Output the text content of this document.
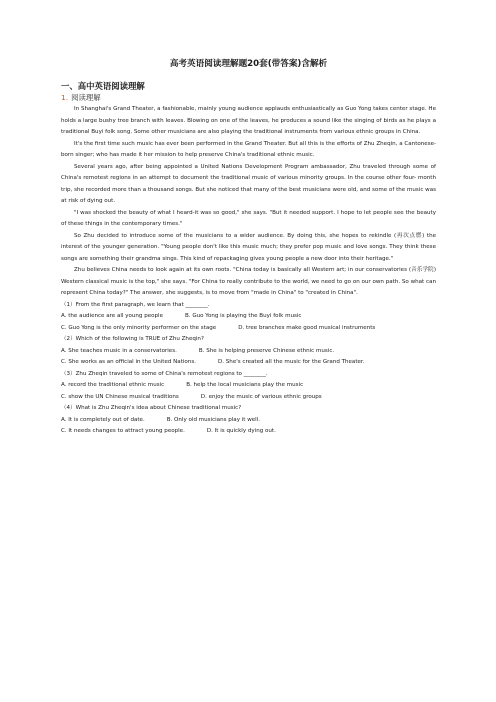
高考英语阅读理解题20套(带答案)含解析

一、高中英语阅读理解

1. 阅读理解

In Shanghai's Grand Theater, a fashionable, mainly young audience applauds enthusiastically as Guo Yong takes center stage. He holds a large bushy tree branch with leaves. Blowing on one of the leaves, he produces a sound like the singing of birds as he plays a traditional Buyi folk song. Some other musicians are also playing the traditional instruments from various ethnic groups in China.

It's the first time such music has ever been performed in the Grand Theater. But all this is the efforts of Zhu Zheqin, a Cantonese-born singer; who has made it her mission to help preserve China's traditional ethnic music.

Several years ago, after being appointed a United Nations Development Program ambassador, Zhu traveled through some of China's remotest regions in an attempt to document the traditional music of various minority groups. In the course other four- month trip, she recorded more than a thousand songs. But she noticed that many of the best musicians were old, and some of the music was at risk of dying out.

"I was shocked the beauty of what I heard-it was so good," she says. "But it needed support. I hope to let people see the beauty of these things in the contemporary times."

So Zhu decided to introduce some of the musicians to a wider audience. By doing this, she hopes to rekindle (再次点燃) the interest of the younger generation. "Young people don't like this music much; they prefer pop music and love songs. They think these songs are something their grandma sings. This kind of repackaging gives young people a new door into their heritage."

Zhu believes China needs to look again at its own roots. "China today is basically all Western art; in our conservatories (音乐学院) Western classical music is the top," she says. "For China to really contribute to the world, we need to go on our own path. So what can represent China today?" The answer, she suggests, is to move from "made in China" to "created in China".

（1）From the first paragraph, we learn that ________.

A. the audience are all young people	B. Guo Yong is playing the Buyi folk music

C. Guo Yong is the only minority performer on the stage	D. tree branches make good musical instruments

（2）Which of the following is TRUE of Zhu Zheqin?

A. She teaches music in a conservatories.	B. She is helping preserve Chinese ethnic music.

C. She works as an official in the United Nations.	D. She's created all the music for the Grand Theater.

（3）Zhu Zheqin traveled to some of China's remotest regions to ________.

A. record the traditional ethnic music	B. help the local musicians play the music

C. show the UN Chinese musical traditions	D. enjoy the music of various ethnic groups

（4）What is Zhu Zheqin's idea about Chinese traditional music?

A. It is completely out of date.	B. Only old musicians play it well.

C. It needs changes to attract young people.	D. It is quickly dying out.
